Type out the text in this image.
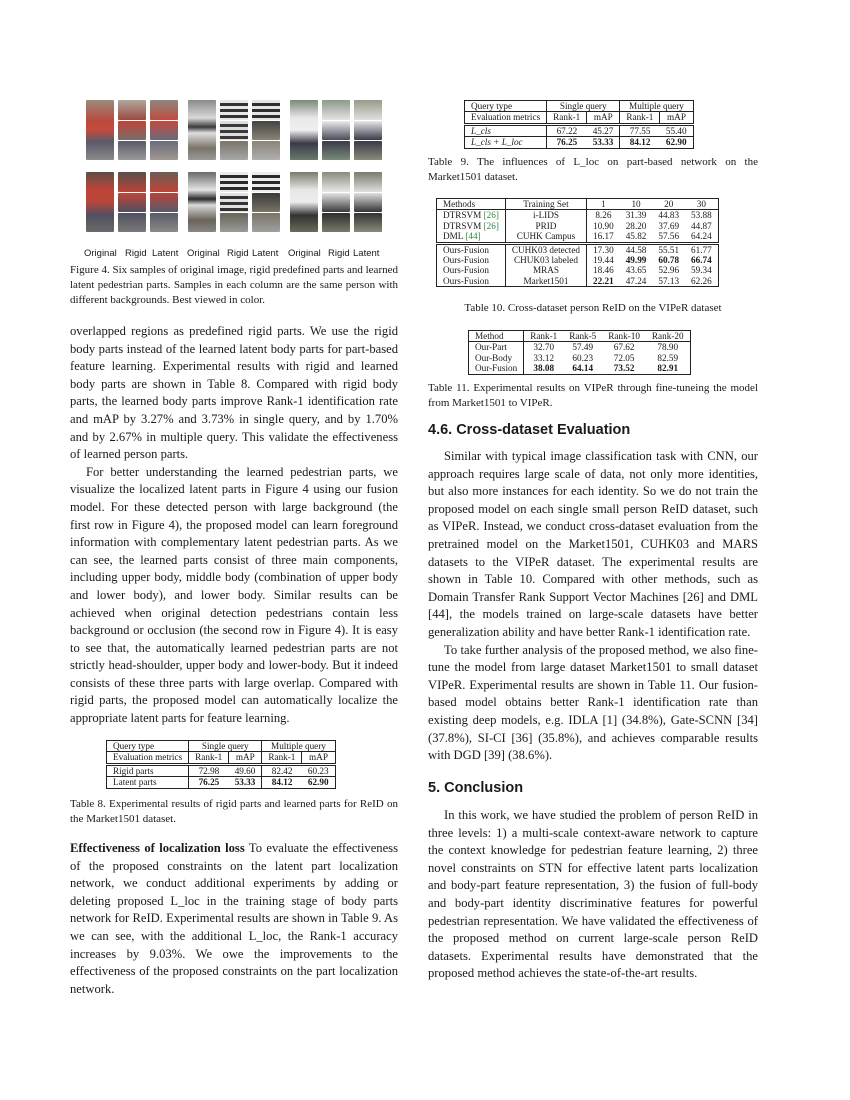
Original Rigid Latent Original Rigid Latent Original Rigid Latent

Figure 4. Six samples of original image, rigid predefined parts and learned latent pedestrian parts. Samples in each column are the same person with different backgrounds. Best viewed in color.

overlapped regions as predefined rigid parts. We use the rigid body parts instead of the learned latent body parts for part-based feature learning. Experimental results with rigid and learned body parts are shown in Table 8. Compared with rigid body parts, the learned body parts improve Rank-1 identification rate and mAP by 3.27% and 3.73% in single query, and by 1.70% and by 2.67% in multiple query. This validate the effectiveness of learned person parts.

For better understanding the learned pedestrian parts, we visualize the localized latent parts in Figure 4 using our fusion model. For these detected person with large background (the first row in Figure 4), the proposed model can learn foreground information with complementary latent pedestrian parts. As we can see, the learned parts consist of three main components, including upper body, middle body (combination of upper body and lower body), and lower body. Similar results can be achieved when original detection pedestrians contain less background or occlusion (the second row in Figure 4). It is easy to see that, the automatically learned pedestrian parts are not strictly head-shoulder, upper body and lower-body. But it indeed consists of these three parts with large overlap. Compared with rigid parts, the proposed model can automatically localize the appropriate latent parts for feature learning.

Query type	Single query		Multiple query	
Evaluation metrics	Rank-1	mAP	Rank-1	mAP
Rigid parts	72.98	49.60	82.42	60.23
Latent parts	76.25	53.33	84.12	62.90

Table 8. Experimental results of rigid parts and learned parts for ReID on the Market1501 dataset.

Effectiveness of localization loss To evaluate the effectiveness of the proposed constraints on the latent part localization network, we conduct additional experiments by adding or deleting proposed L_loc in the training stage of body parts network for ReID. Experimental results are shown in Table 9. As we can see, with the additional L_loc, the Rank-1 accuracy increases by 9.03%. We owe the improvements to the effectiveness of the proposed constraints on the part localization network.

Query type	Single query		Multiple query	
Evaluation metrics	Rank-1	mAP	Rank-1	mAP
L_cls	67.22	45.27	77.55	55.40
L_cls + L_loc	76.25	53.33	84.12	62.90

Table 9. The influences of L_loc on part-based network on the Market1501 dataset.

Methods	Training Set	1	10	20	30
DTRSVM [26]	i-LIDS	8.26	31.39	44.83	53.88
DTRSVM [26]	PRID	10.90	28.20	37.69	44.87
DML [44]	CUHK Campus	16.17	45.82	57.56	64.24
Ours-Fusion	CUHK03 detected	17.30	44.58	55.51	61.77
Ours-Fusion	CHUK03 labeled	19.44	49.99	60.78	66.74
Ours-Fusion	MRAS	18.46	43.65	52.96	59.34
Ours-Fusion	Market1501	22.21	47.24	57.13	62.26

Table 10. Cross-dataset person ReID on the VIPeR dataset

Method	Rank-1	Rank-5	Rank-10	Rank-20
Our-Part	32.70	57.49	67.62	78.90
Our-Body	33.12	60.23	72.05	82.59
Our-Fusion	38.08	64.14	73.52	82.91

Table 11. Experimental results on VIPeR through fine-tuneing the model from Market1501 to VIPeR.

4.6. Cross-dataset Evaluation

Similar with typical image classification task with CNN, our approach requires large scale of data, not only more identities, but also more instances for each identity. So we do not train the proposed model on each single small person ReID dataset, such as VIPeR. Instead, we conduct cross-dataset evaluation from the pretrained model on the Market1501, CUHK03 and MARS datasets to the VIPeR dataset. The experimental results are shown in Table 10. Compared with other methods, such as Domain Transfer Rank Support Vector Machines [26] and DML [44], the models trained on large-scale datasets have better generalization ability and have better Rank-1 identification rate.

To take further analysis of the proposed method, we also fine-tune the model from large dataset Market1501 to small dataset VIPeR. Experimental results are shown in Table 11. Our fusion-based model obtains better Rank-1 identification rate than existing deep models, e.g. IDLA [1] (34.8%), Gate-SCNN [34] (37.8%), SI-CI [36] (35.8%), and achieves comparable results with DGD [39] (38.6%).

5. Conclusion

In this work, we have studied the problem of person ReID in three levels: 1) a multi-scale context-aware network to capture the context knowledge for pedestrian feature learning, 2) three novel constraints on STN for effective latent parts localization and body-part feature representation, 3) the fusion of full-body and body-part identity discriminative features for powerful pedestrian representation. We have validated the effectiveness of the proposed method on current large-scale person ReID datasets. Experimental results have demonstrated that the proposed method achieves the state-of-the-art results.
